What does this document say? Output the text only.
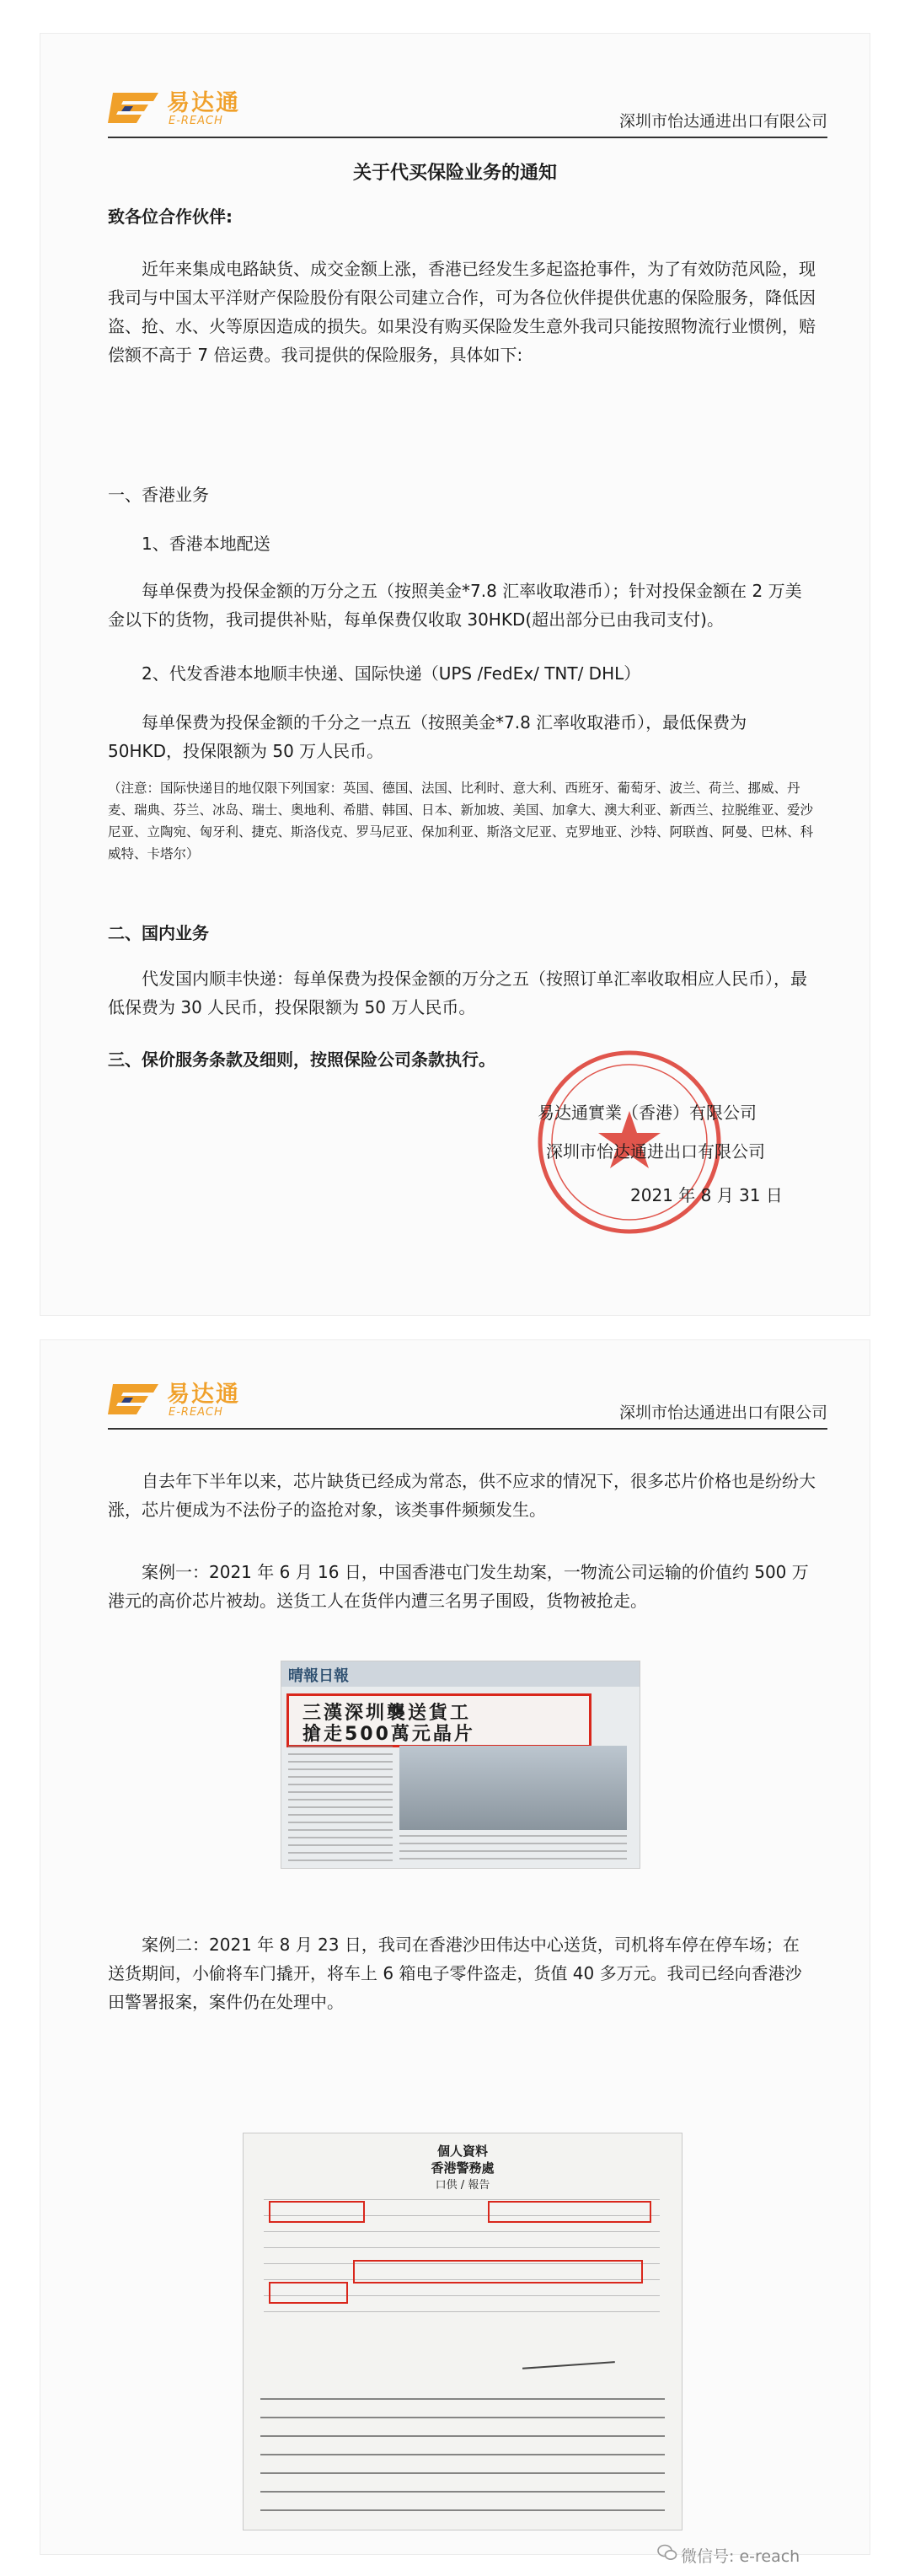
易达通
E-REACH	深圳市怡达通进出口有限公司
关于代买保险业务的通知
致各位合作伙伴:
近年来集成电路缺货、成交金额上涨，香港已经发生多起盗抢事件，为了有效防范风险，现我司与中国太平洋财产保险股份有限公司建立合作，可为各位伙伴提供优惠的保险服务，降低因盗、抢、水、火等原因造成的损失。如果没有购买保险发生意外我司只能按照物流行业惯例，赔偿额不高于 7 倍运费。我司提供的保险服务，具体如下:
一、香港业务
1、香港本地配送
每单保费为投保金额的万分之五（按照美金*7.8 汇率收取港币）；针对投保金额在 2 万美金以下的货物，我司提供补贴，每单保费仅收取 30HKD(超出部分已由我司支付)。
2、代发香港本地顺丰快递、国际快递（UPS /FedEx/ TNT/ DHL）
每单保费为投保金额的千分之一点五（按照美金*7.8 汇率收取港币），最低保费为 50HKD，投保限额为 50 万人民币。
（注意：国际快递目的地仅限下列国家：英国、德国、法国、比利时、意大利、西班牙、葡萄牙、波兰、荷兰、挪威、丹麦、瑞典、芬兰、冰岛、瑞士、奥地利、希腊、韩国、日本、新加坡、美国、加拿大、澳大利亚、新西兰、拉脱维亚、爱沙尼亚、立陶宛、匈牙利、捷克、斯洛伐克、罗马尼亚、保加利亚、斯洛文尼亚、克罗地亚、沙特、阿联酋、阿曼、巴林、科威特、卡塔尔）
二、国内业务
代发国内顺丰快递：每单保费为投保金额的万分之五（按照订单汇率收取相应人民币），最低保费为 30 人民币，投保限额为 50 万人民币。
三、保价服务条款及细则，按照保险公司条款执行。
易达通實業（香港）有限公司
深圳市怡达通进出口有限公司
2021 年 8 月 31 日
易达通
E-REACH	深圳市怡达通进出口有限公司
自去年下半年以来，芯片缺货已经成为常态，供不应求的情况下，很多芯片价格也是纷纷大涨，芯片便成为不法份子的盗抢对象，该类事件频频发生。
案例一：2021 年 6 月 16 日，中国香港屯门发生劫案，一物流公司运输的价值约 500 万港元的高价芯片被劫。送货工人在货伴内遭三名男子围殴，货物被抢走。
晴報日報
三漢深圳襲送貨工
搶走500萬元晶片
案例二：2021 年 8 月 23 日，我司在香港沙田伟达中心送货，司机将车停在停车场；在送货期间，小偷将车门撬开，将车上 6 箱电子零件盗走，货值 40 多万元。我司已经向香港沙田警署报案，案件仍在处理中。
個人資料
香港警務處
口供 / 報告
微信号: e-reach
